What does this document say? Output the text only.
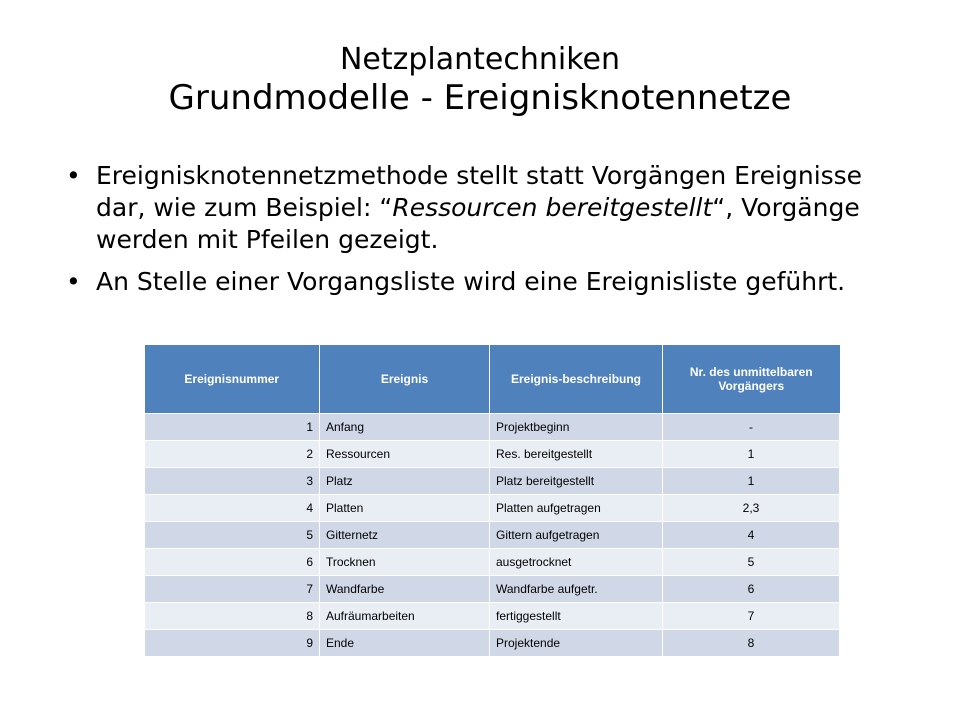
Netzplantechniken
Grundmodelle - Ereignisknotennetze
• Ereignisknotennetzmethode stellt statt Vorgängen Ereignisse dar, wie zum Beispiel: “Ressourcen bereitgestellt“, Vorgänge werden mit Pfeilen gezeigt.
• An Stelle einer Vorgangsliste wird eine Ereignisliste geführt.
Ereignisnummer	Ereignis	Ereignis-beschreibung	Nr. des unmittelbaren Vorgängers
1	Anfang	Projektbeginn	-
2	Ressourcen	Res. bereitgestellt	1
3	Platz	Platz bereitgestellt	1
4	Platten	Platten aufgetragen	2,3
5	Gitternetz	Gittern aufgetragen	4
6	Trocknen	ausgetrocknet	5
7	Wandfarbe	Wandfarbe aufgetr.	6
8	Aufräumarbeiten	fertiggestellt	7
9	Ende	Projektende	8
